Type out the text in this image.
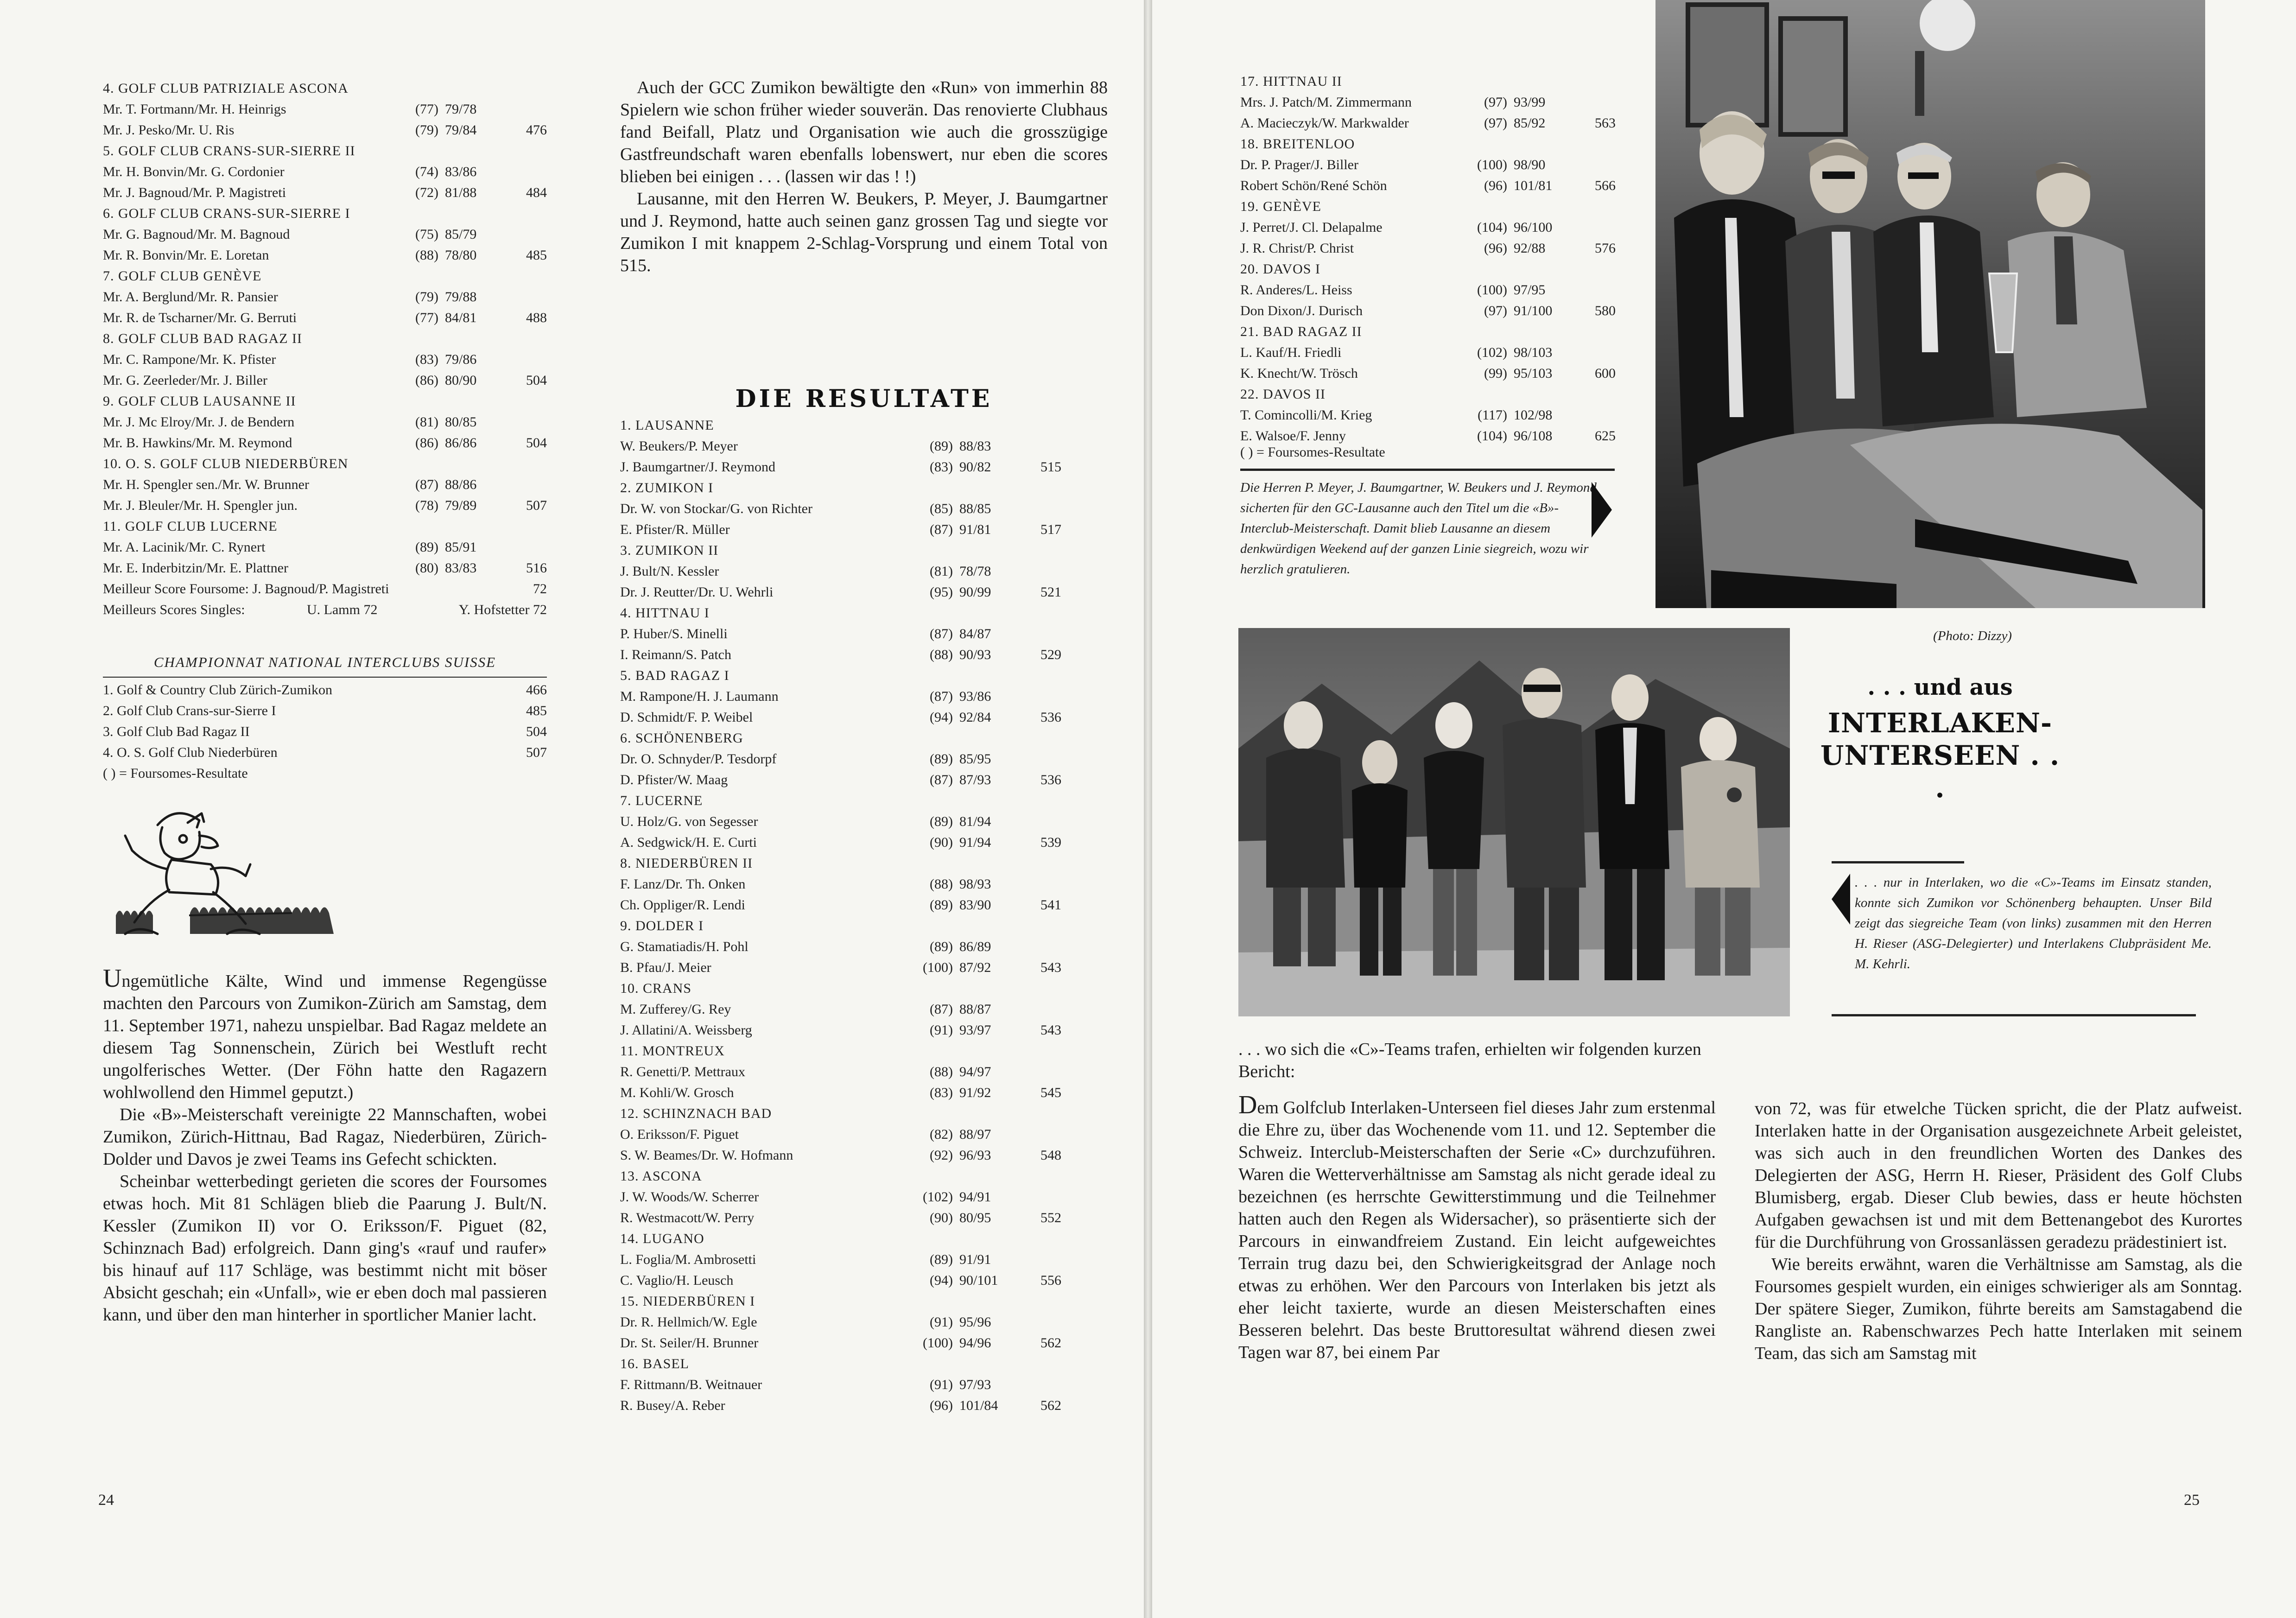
4. GOLF CLUB PATRIZIALE ASCONA
Mr. T. Fortmann/Mr. H. Heinrigs	(77) 79/78
Mr. J. Pesko/Mr. U. Ris	(79) 79/84	476
5. GOLF CLUB CRANS-SUR-SIERRE II
Mr. H. Bonvin/Mr. G. Cordonier	(74) 83/86
Mr. J. Bagnoud/Mr. P. Magistreti	(72) 81/88	484
6. GOLF CLUB CRANS-SUR-SIERRE I
Mr. G. Bagnoud/Mr. M. Bagnoud	(75) 85/79
Mr. R. Bonvin/Mr. E. Loretan	(88) 78/80	485
7. GOLF CLUB GENÈVE
Mr. A. Berglund/Mr. R. Pansier	(79) 79/88
Mr. R. de Tscharner/Mr. G. Berruti	(77) 84/81	488
8. GOLF CLUB BAD RAGAZ II
Mr. C. Rampone/Mr. K. Pfister	(83) 79/86
Mr. G. Zeerleder/Mr. J. Biller	(86) 80/90	504
9. GOLF CLUB LAUSANNE II
Mr. J. Mc Elroy/Mr. J. de Bendern	(81) 80/85
Mr. B. Hawkins/Mr. M. Reymond	(86) 86/86	504
10. O. S. GOLF CLUB NIEDERBÜREN
Mr. H. Spengler sen./Mr. W. Brunner	(87) 88/86
Mr. J. Bleuler/Mr. H. Spengler jun.	(78) 79/89	507
11. GOLF CLUB LUCERNE
Mr. A. Lacinik/Mr. C. Rynert	(89) 85/91
Mr. E. Inderbitzin/Mr. E. Plattner	(80) 83/83	516
Meilleur Score Foursome: J. Bagnoud/P. Magistreti	72
Meilleurs Scores Singles:	U. Lamm 72	Y. Hofstetter 72
CHAMPIONNAT NATIONAL INTERCLUBS SUISSE
1. Golf & Country Club Zürich-Zumikon	466
2. Golf Club Crans-sur-Sierre I	485
3. Golf Club Bad Ragaz II	504
4. O. S. Golf Club Niederbüren	507
( ) = Foursomes-Resultate

Ungemütliche Kälte, Wind und immense Regengüsse machten den Parcours von Zumikon-Zürich am Samstag, dem 11. September 1971, nahezu unspielbar. Bad Ragaz meldete an diesem Tag Sonnenschein, Zürich bei Westluft recht ungolferisches Wetter. (Der Föhn hatte den Ragazern wohlwollend den Himmel geputzt.)

Die «B»-Meisterschaft vereinigte 22 Mannschaften, wobei Zumikon, Zürich-Hittnau, Bad Ragaz, Niederbüren, Zürich-Dolder und Davos je zwei Teams ins Gefecht schickten.

Scheinbar wetterbedingt gerieten die scores der Foursomes etwas hoch. Mit 81 Schlägen blieb die Paarung J. Bult/N. Kessler (Zumikon II) vor O. Eriksson/F. Piguet (82, Schinznach Bad) erfolgreich. Dann ging's «rauf und raufer» bis hinauf auf 117 Schläge, was bestimmt nicht mit böser Absicht geschah; ein «Unfall», wie er eben doch mal passieren kann, und über den man hinterher in sportlicher Manier lacht.

24

Auch der GCC Zumikon bewältigte den «Run» von immerhin 88 Spielern wie schon früher wieder souverän. Das renovierte Clubhaus fand Beifall, Platz und Organisation wie auch die grosszügige Gastfreundschaft waren ebenfalls lobenswert, nur eben die scores blieben bei einigen . . . (lassen wir das ! !)

Lausanne, mit den Herren W. Beukers, P. Meyer, J. Baumgartner und J. Reymond, hatte auch seinen ganz grossen Tag und siegte vor Zumikon I mit knappem 2-Schlag-Vorsprung und einem Total von 515.

DIE RESULTATE
1. LAUSANNE
W. Beukers/P. Meyer	(89) 88/83
J. Baumgartner/J. Reymond	(83) 90/82	515
2. ZUMIKON I
Dr. W. von Stockar/G. von Richter	(85) 88/85
E. Pfister/R. Müller	(87) 91/81	517
3. ZUMIKON II
J. Bult/N. Kessler	(81) 78/78
Dr. J. Reutter/Dr. U. Wehrli	(95) 90/99	521
4. HITTNAU I
P. Huber/S. Minelli	(87) 84/87
I. Reimann/S. Patch	(88) 90/93	529
5. BAD RAGAZ I
M. Rampone/H. J. Laumann	(87) 93/86
D. Schmidt/F. P. Weibel	(94) 92/84	536
6. SCHÖNENBERG
Dr. O. Schnyder/P. Tesdorpf	(89) 85/95
D. Pfister/W. Maag	(87) 87/93	536
7. LUCERNE
U. Holz/G. von Segesser	(89) 81/94
A. Sedgwick/H. E. Curti	(90) 91/94	539
8. NIEDERBÜREN II
F. Lanz/Dr. Th. Onken	(88) 98/93
Ch. Oppliger/R. Lendi	(89) 83/90	541
9. DOLDER I
G. Stamatiadis/H. Pohl	(89) 86/89
B. Pfau/J. Meier	(100) 87/92	543
10. CRANS
M. Zufferey/G. Rey	(87) 88/87
J. Allatini/A. Weissberg	(91) 93/97	543
11. MONTREUX
R. Genetti/P. Mettraux	(88) 94/97
M. Kohli/W. Grosch	(83) 91/92	545
12. SCHINZNACH BAD
O. Eriksson/F. Piguet	(82) 88/97
S. W. Beames/Dr. W. Hofmann	(92) 96/93	548
13. ASCONA
J. W. Woods/W. Scherrer	(102) 94/91
R. Westmacott/W. Perry	(90) 80/95	552
14. LUGANO
L. Foglia/M. Ambrosetti	(89) 91/91
C. Vaglio/H. Leusch	(94) 90/101	556
15. NIEDERBÜREN I
Dr. R. Hellmich/W. Egle	(91) 95/96
Dr. St. Seiler/H. Brunner	(100) 94/96	562
16. BASEL
F. Rittmann/B. Weitnauer	(91) 97/93
R. Busey/A. Reber	(96) 101/84	562
17. HITTNAU II
Mrs. J. Patch/M. Zimmermann	(97) 93/99
A. Macieczyk/W. Markwalder	(97) 85/92	563
18. BREITENLOO
Dr. P. Prager/J. Biller	(100) 98/90
Robert Schön/René Schön	(96) 101/81	566
19. GENÈVE
J. Perret/J. Cl. Delapalme	(104) 96/100
J. R. Christ/P. Christ	(96) 92/88	576
20. DAVOS I
R. Anderes/L. Heiss	(100) 97/95
Don Dixon/J. Durisch	(97) 91/100	580
21. BAD RAGAZ II
L. Kauf/H. Friedli	(102) 98/103
K. Knecht/W. Trösch	(99) 95/103	600
22. DAVOS II
T. Comincolli/M. Krieg	(117) 102/98
E. Walsoe/F. Jenny	(104) 96/108	625
( ) = Foursomes-Resultate
Die Herren P. Meyer, J. Baumgartner, W. Beukers und J. Reymond sicherten für den GC-Lausanne auch den Titel um die «B»-Interclub-Meisterschaft. Damit blieb Lausanne an diesem denkwürdigen Weekend auf der ganzen Linie siegreich, wozu wir herzlich gratulieren.
(Photo: Dizzy)
. . . und aus
INTERLAKEN-
UNTERSEEN . . .
. . . nur in Interlaken, wo die «C»-Teams im Einsatz standen, konnte sich Zumikon vor Schönenberg behaupten. Unser Bild zeigt das siegreiche Team (von links) zusammen mit den Herren H. Rieser (ASG-Delegierter) und Interlakens Clubpräsident Me. M. Kehrli.
. . . wo sich die «C»-Teams trafen, erhielten wir folgenden kurzen Bericht:

Dem Golfclub Interlaken-Unterseen fiel dieses Jahr zum erstenmal die Ehre zu, über das Wochenende vom 11. und 12. September die Schweiz. Interclub-Meisterschaften der Serie «C» durchzuführen. Waren die Wetterverhältnisse am Samstag als nicht gerade ideal zu bezeichnen (es herrschte Gewitterstimmung und die Teilnehmer hatten auch den Regen als Widersacher), so präsentierte sich der Parcours in einwandfreiem Zustand. Ein leicht aufgeweichtes Terrain trug dazu bei, den Schwierigkeitsgrad der Anlage noch etwas zu erhöhen. Wer den Parcours von Interlaken bis jetzt als eher leicht taxierte, wurde an diesen Meisterschaften eines Besseren belehrt. Das beste Bruttoresultat während diesen zwei Tagen war 87, bei einem Par

von 72, was für etwelche Tücken spricht, die der Platz aufweist. Interlaken hatte in der Organisation ausgezeichnete Arbeit geleistet, was sich auch in den freundlichen Worten des Dankes des Delegierten der ASG, Herrn H. Rieser, Präsident des Golf Clubs Blumisberg, ergab. Dieser Club bewies, dass er heute höchsten Aufgaben gewachsen ist und mit dem Bettenangebot des Kurortes für die Durchführung von Grossanlässen geradezu prädestiniert ist.

Wie bereits erwähnt, waren die Verhältnisse am Samstag, als die Foursomes gespielt wurden, ein einiges schwieriger als am Sonntag. Der spätere Sieger, Zumikon, führte bereits am Samstagabend die Rangliste an. Rabenschwarzes Pech hatte Interlaken mit seinem Team, das sich am Samstag mit

25
